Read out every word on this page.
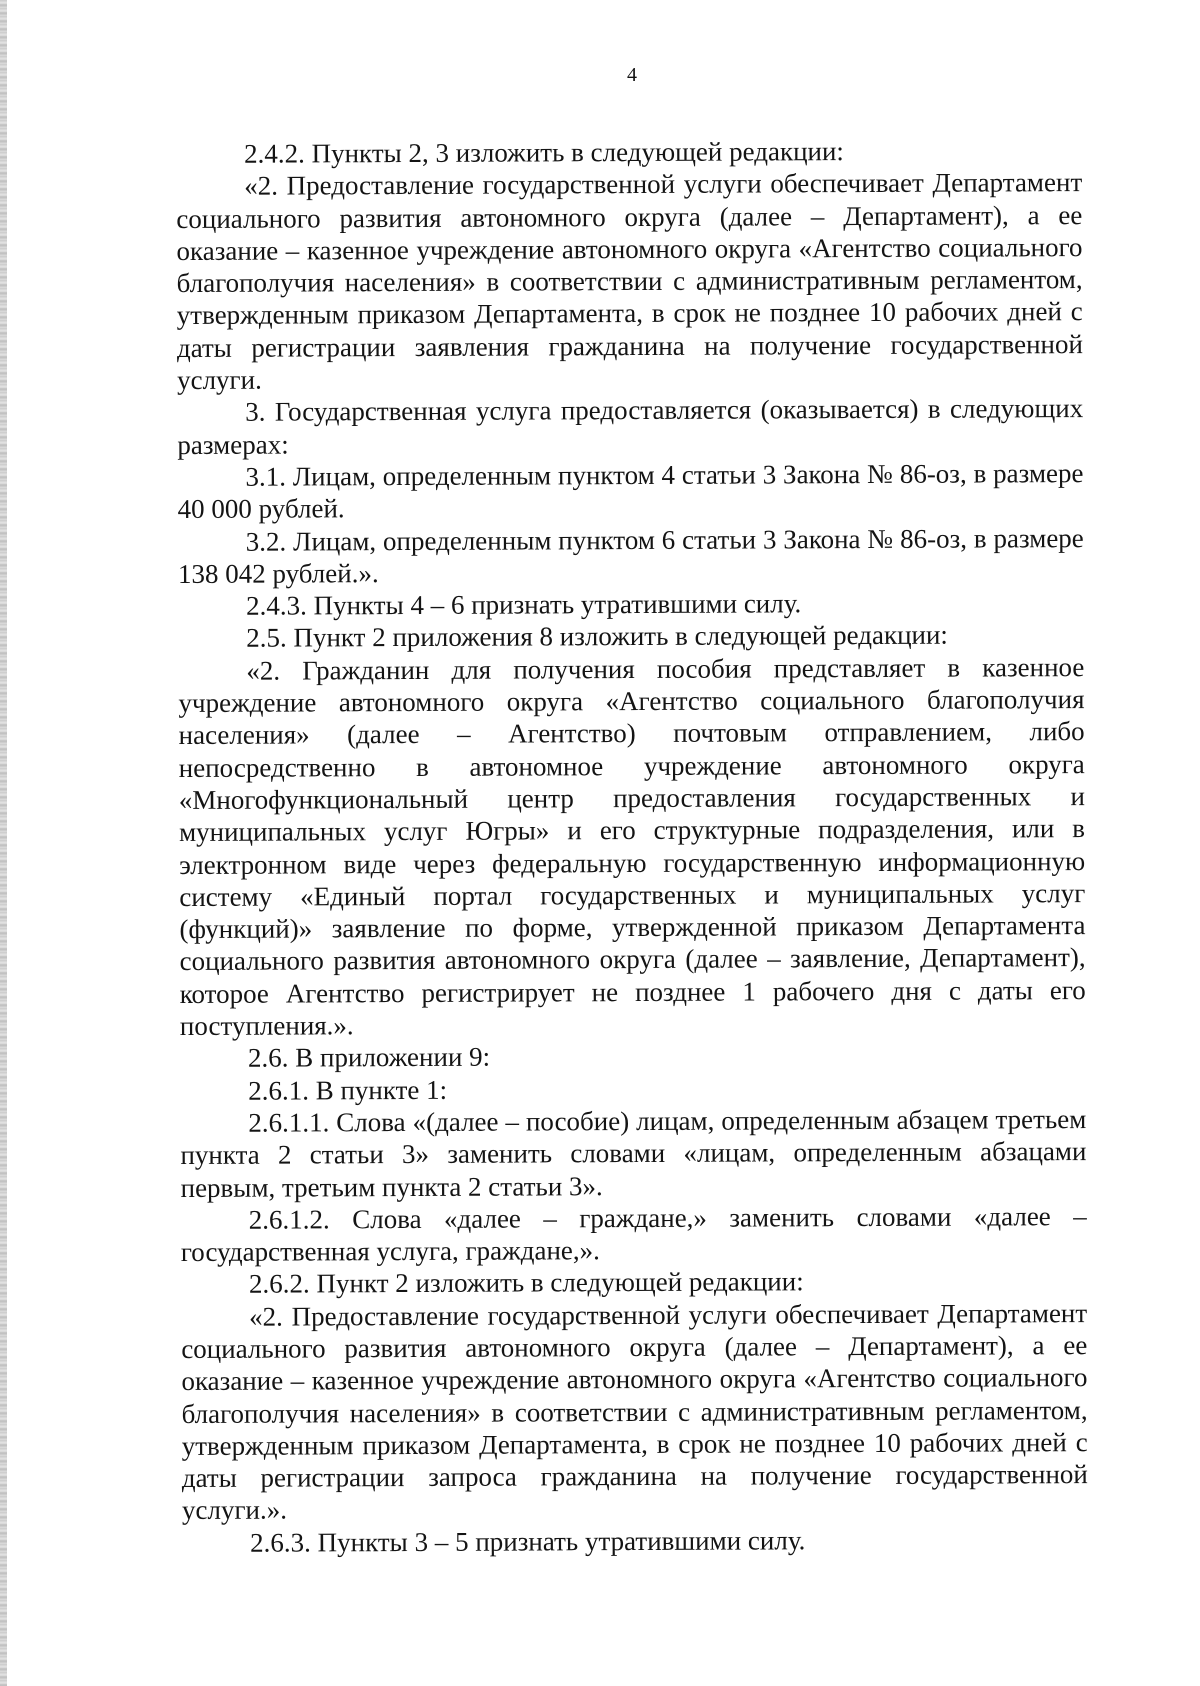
4

2.4.2. Пункты 2, 3 изложить в следующей редакции:

«2. Предоставление государственной услуги обеспечивает Департамент социального развития автономного округа (далее – Департамент), а ее оказание – казенное учреждение автономного округа «Агентство социального благополучия населения» в соответствии с административным регламентом, утвержденным приказом Департамента, в срок не позднее 10 рабочих дней с даты регистрации заявления гражданина на получение государственной услуги.

3. Государственная услуга предоставляется (оказывается) в следующих размерах:

3.1. Лицам, определенным пунктом 4 статьи 3 Закона № 86-оз, в размере 40 000 рублей.

3.2. Лицам, определенным пунктом 6 статьи 3 Закона № 86-оз, в размере 138 042 рублей.».

2.4.3. Пункты 4 – 6 признать утратившими силу.

2.5. Пункт 2 приложения 8 изложить в следующей редакции:

«2. Гражданин для получения пособия представляет в казенное учреждение автономного округа «Агентство социального благополучия населения» (далее – Агентство) почтовым отправлением, либо непосредственно в автономное учреждение автономного округа «Многофункциональный центр предоставления государственных и муниципальных услуг Югры» и его структурные подразделения, или в электронном виде через федеральную государственную информационную систему «Единый портал государственных и муниципальных услуг (функций)» заявление по форме, утвержденной приказом Департамента социального развития автономного округа (далее – заявление, Департамент), которое Агентство регистрирует не позднее 1 рабочего дня с даты его поступления.».

2.6. В приложении 9:

2.6.1. В пункте 1:

2.6.1.1. Слова «(далее – пособие) лицам, определенным абзацем третьем пункта 2 статьи 3» заменить словами «лицам, определенным абзацами первым, третьим пункта 2 статьи 3».

2.6.1.2. Слова «далее – граждане,» заменить словами «далее – государственная услуга, граждане,».

2.6.2. Пункт 2 изложить в следующей редакции:

«2. Предоставление государственной услуги обеспечивает Департамент социального развития автономного округа (далее – Департамент), а ее оказание – казенное учреждение автономного округа «Агентство социального благополучия населения» в соответствии с административным регламентом, утвержденным приказом Департамента, в срок не позднее 10 рабочих дней с даты регистрации запроса гражданина на получение государственной услуги.».

2.6.3. Пункты 3 – 5 признать утратившими силу.
